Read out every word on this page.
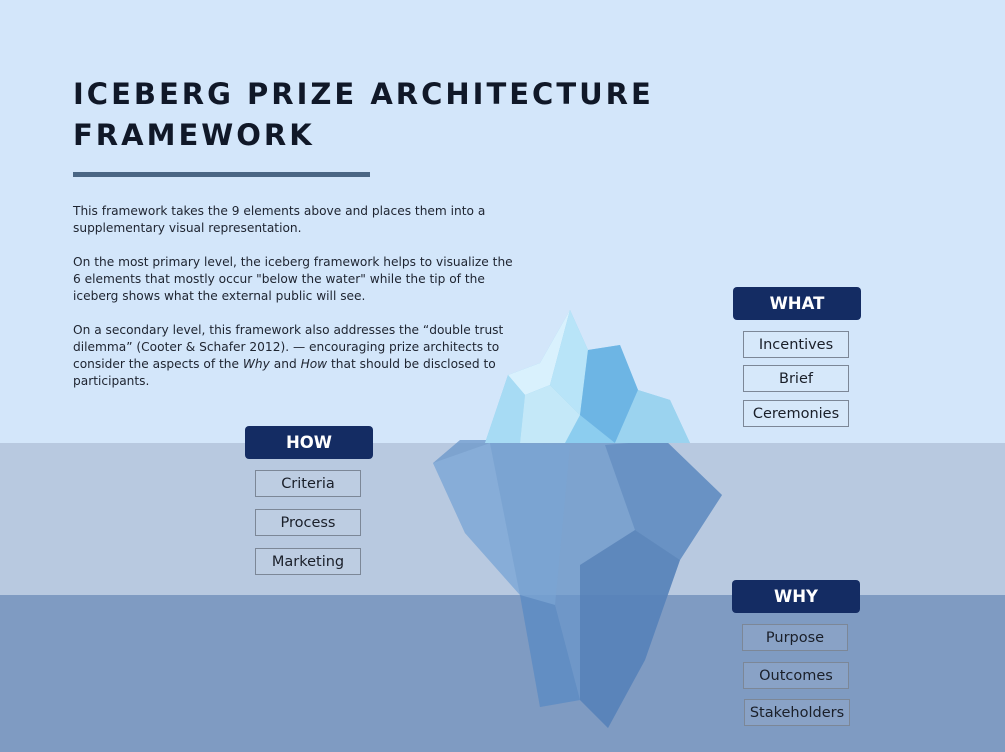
ICEBERG PRIZE ARCHITECTURE
FRAMEWORK

This framework takes the 9 elements above and places them into a supplementary visual representation.

On the most primary level, the iceberg framework helps to visualize the 6 elements that mostly occur "below the water" while the tip of the iceberg shows what the external public will see.

On a secondary level, this framework also addresses the “double trust dilemma” (Cooter & Schafer 2012). — encouraging prize architects to consider the aspects of the Why and How that should be disclosed to participants.

WHAT
Incentives
Brief
Ceremonies
HOW
Criteria
Process
Marketing
WHY
Purpose
Outcomes
Stakeholders
